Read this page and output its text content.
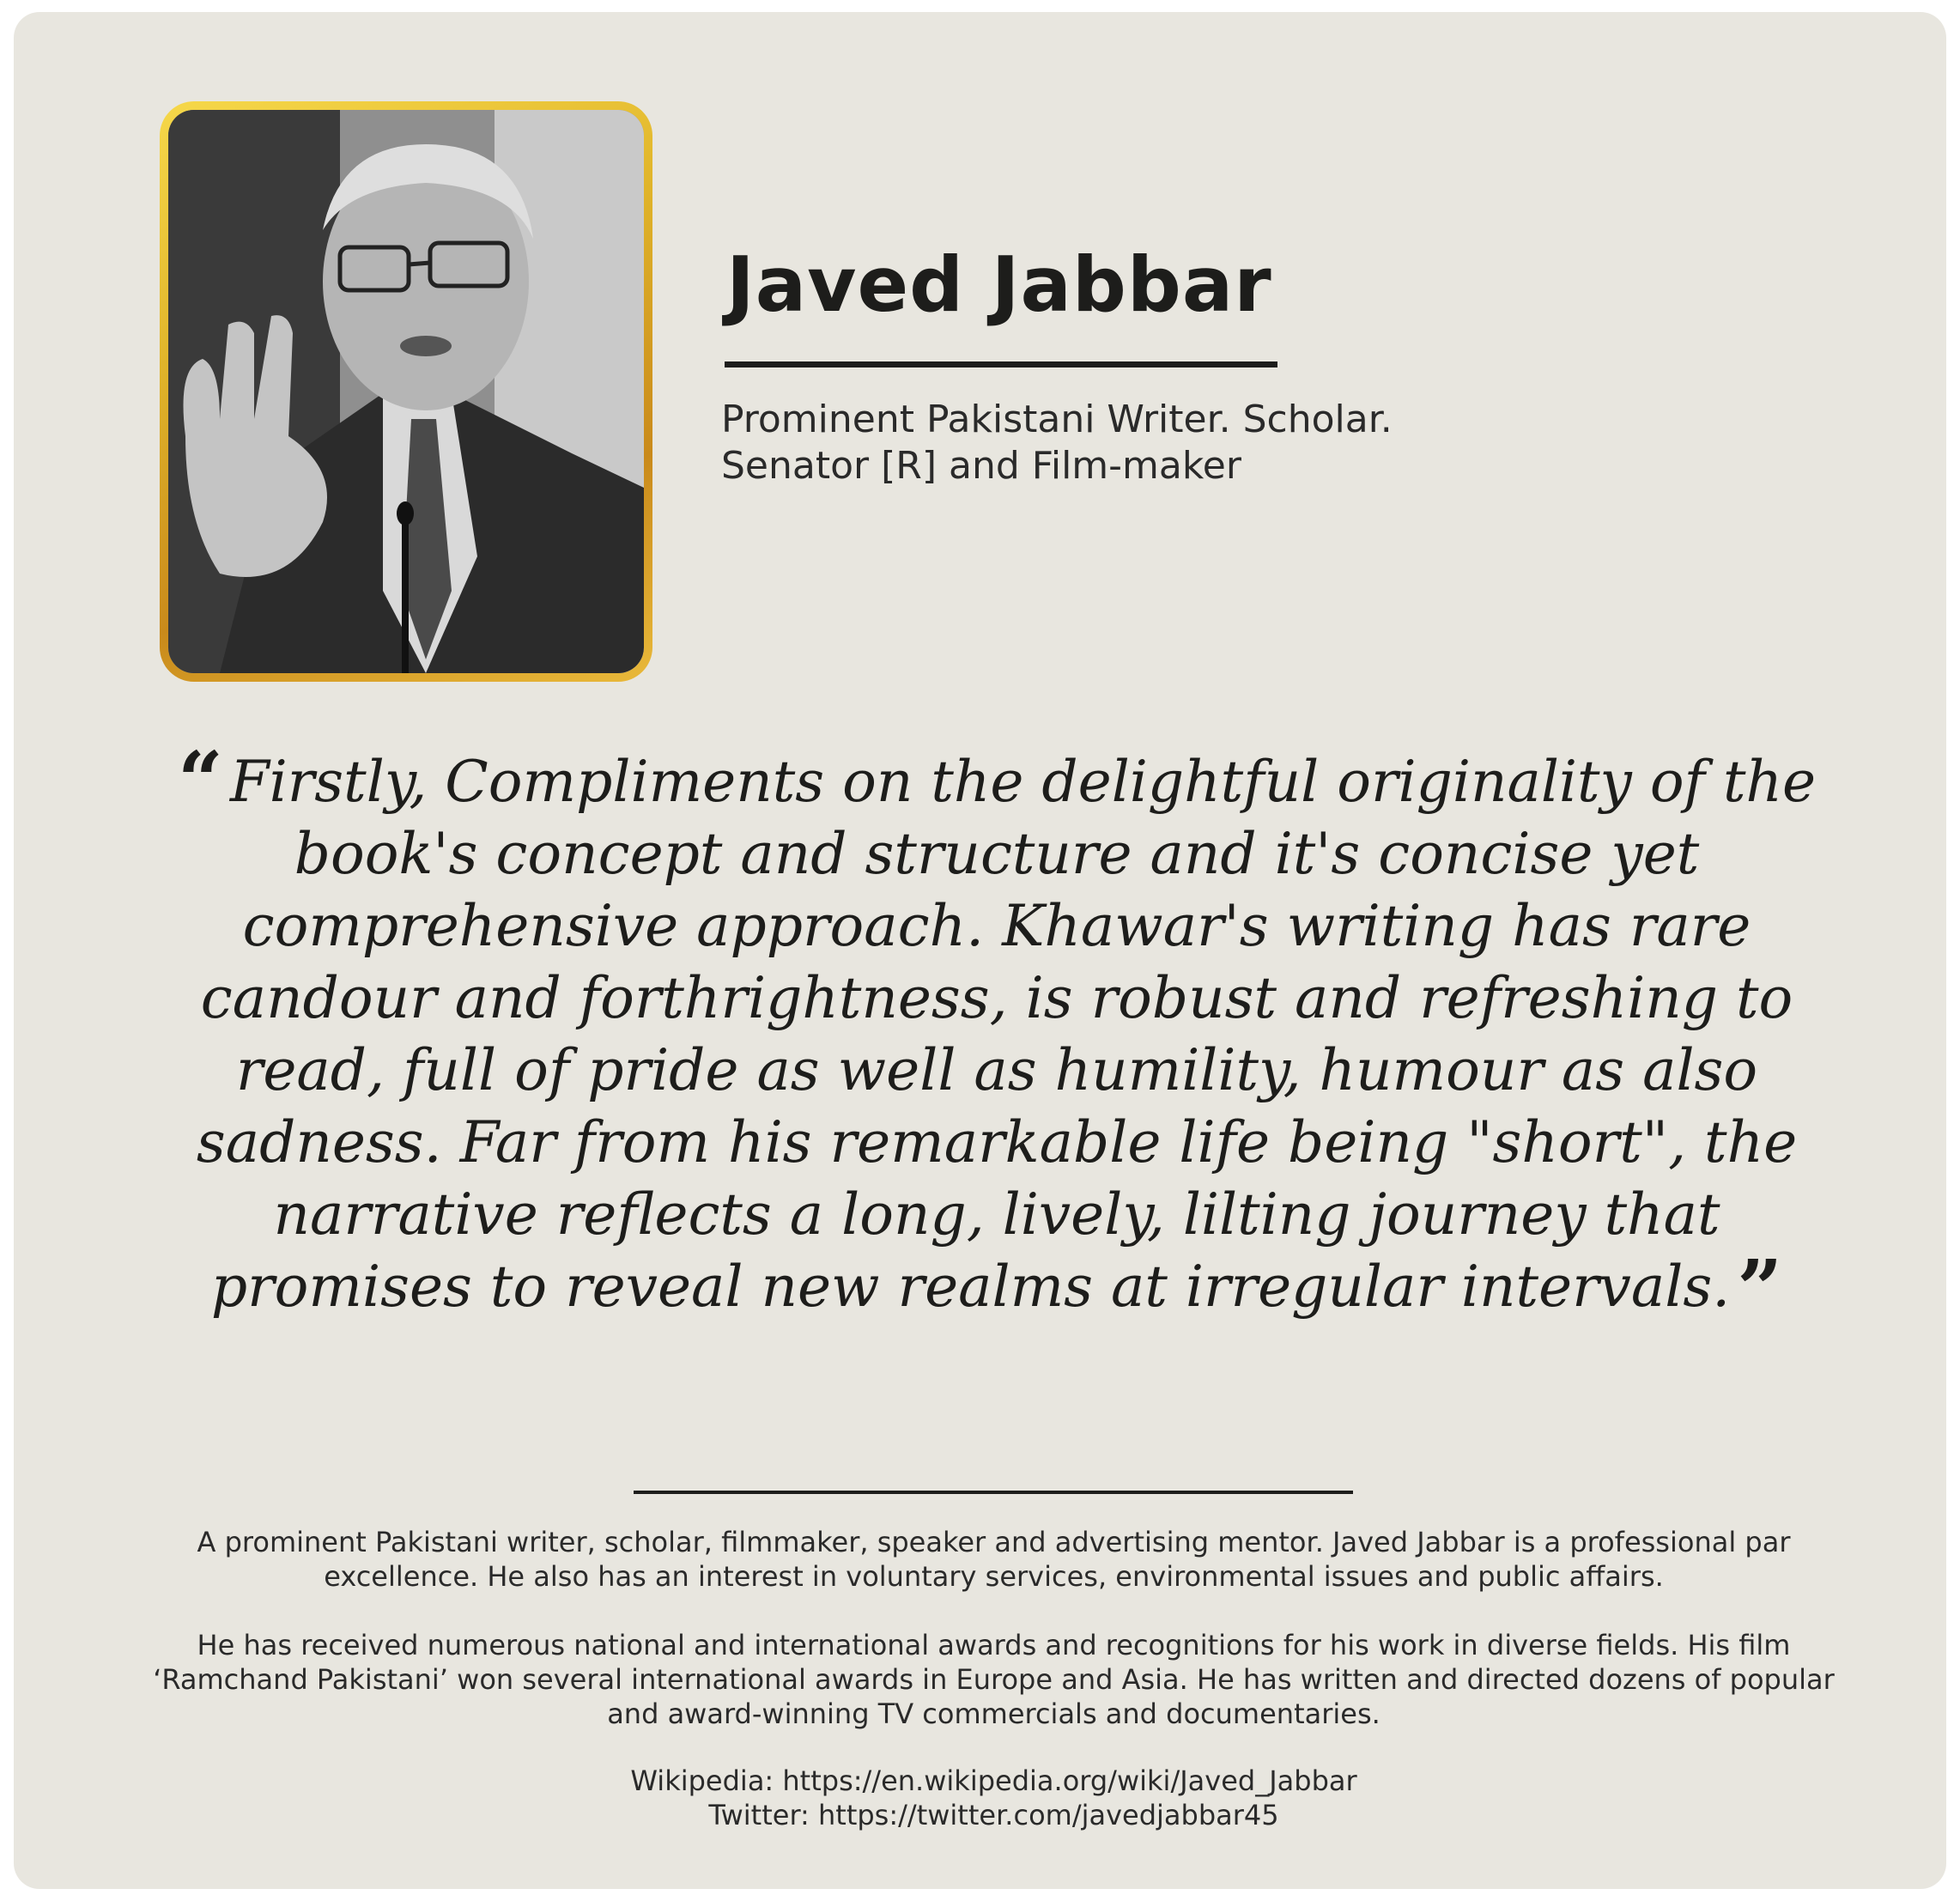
Javed Jabbar
Prominent Pakistani Writer. Scholar.
Senator [R] and Film-maker
“ Firstly, Compliments on the delightful originality of the book's concept and structure and it's concise yet comprehensive approach. Khawar's writing has rare candour and forthrightness, is robust and refreshing to read, full of pride as well as humility, humour as also sadness. Far from his remarkable life being "short", the narrative reflects a long, lively, lilting journey that promises to reveal new realms at irregular intervals.”

A prominent Pakistani writer, scholar, filmmaker, speaker and advertising mentor. Javed Jabbar is a professional par excellence. He also has an interest in voluntary services, environmental issues and public affairs.

He has received numerous national and international awards and recognitions for his work in diverse fields. His film ‘Ramchand Pakistani’ won several international awards in Europe and Asia. He has written and directed dozens of popular and award-winning TV commercials and documentaries.

Wikipedia: https://en.wikipedia.org/wiki/Javed_Jabbar
Twitter: https://twitter.com/javedjabbar45
